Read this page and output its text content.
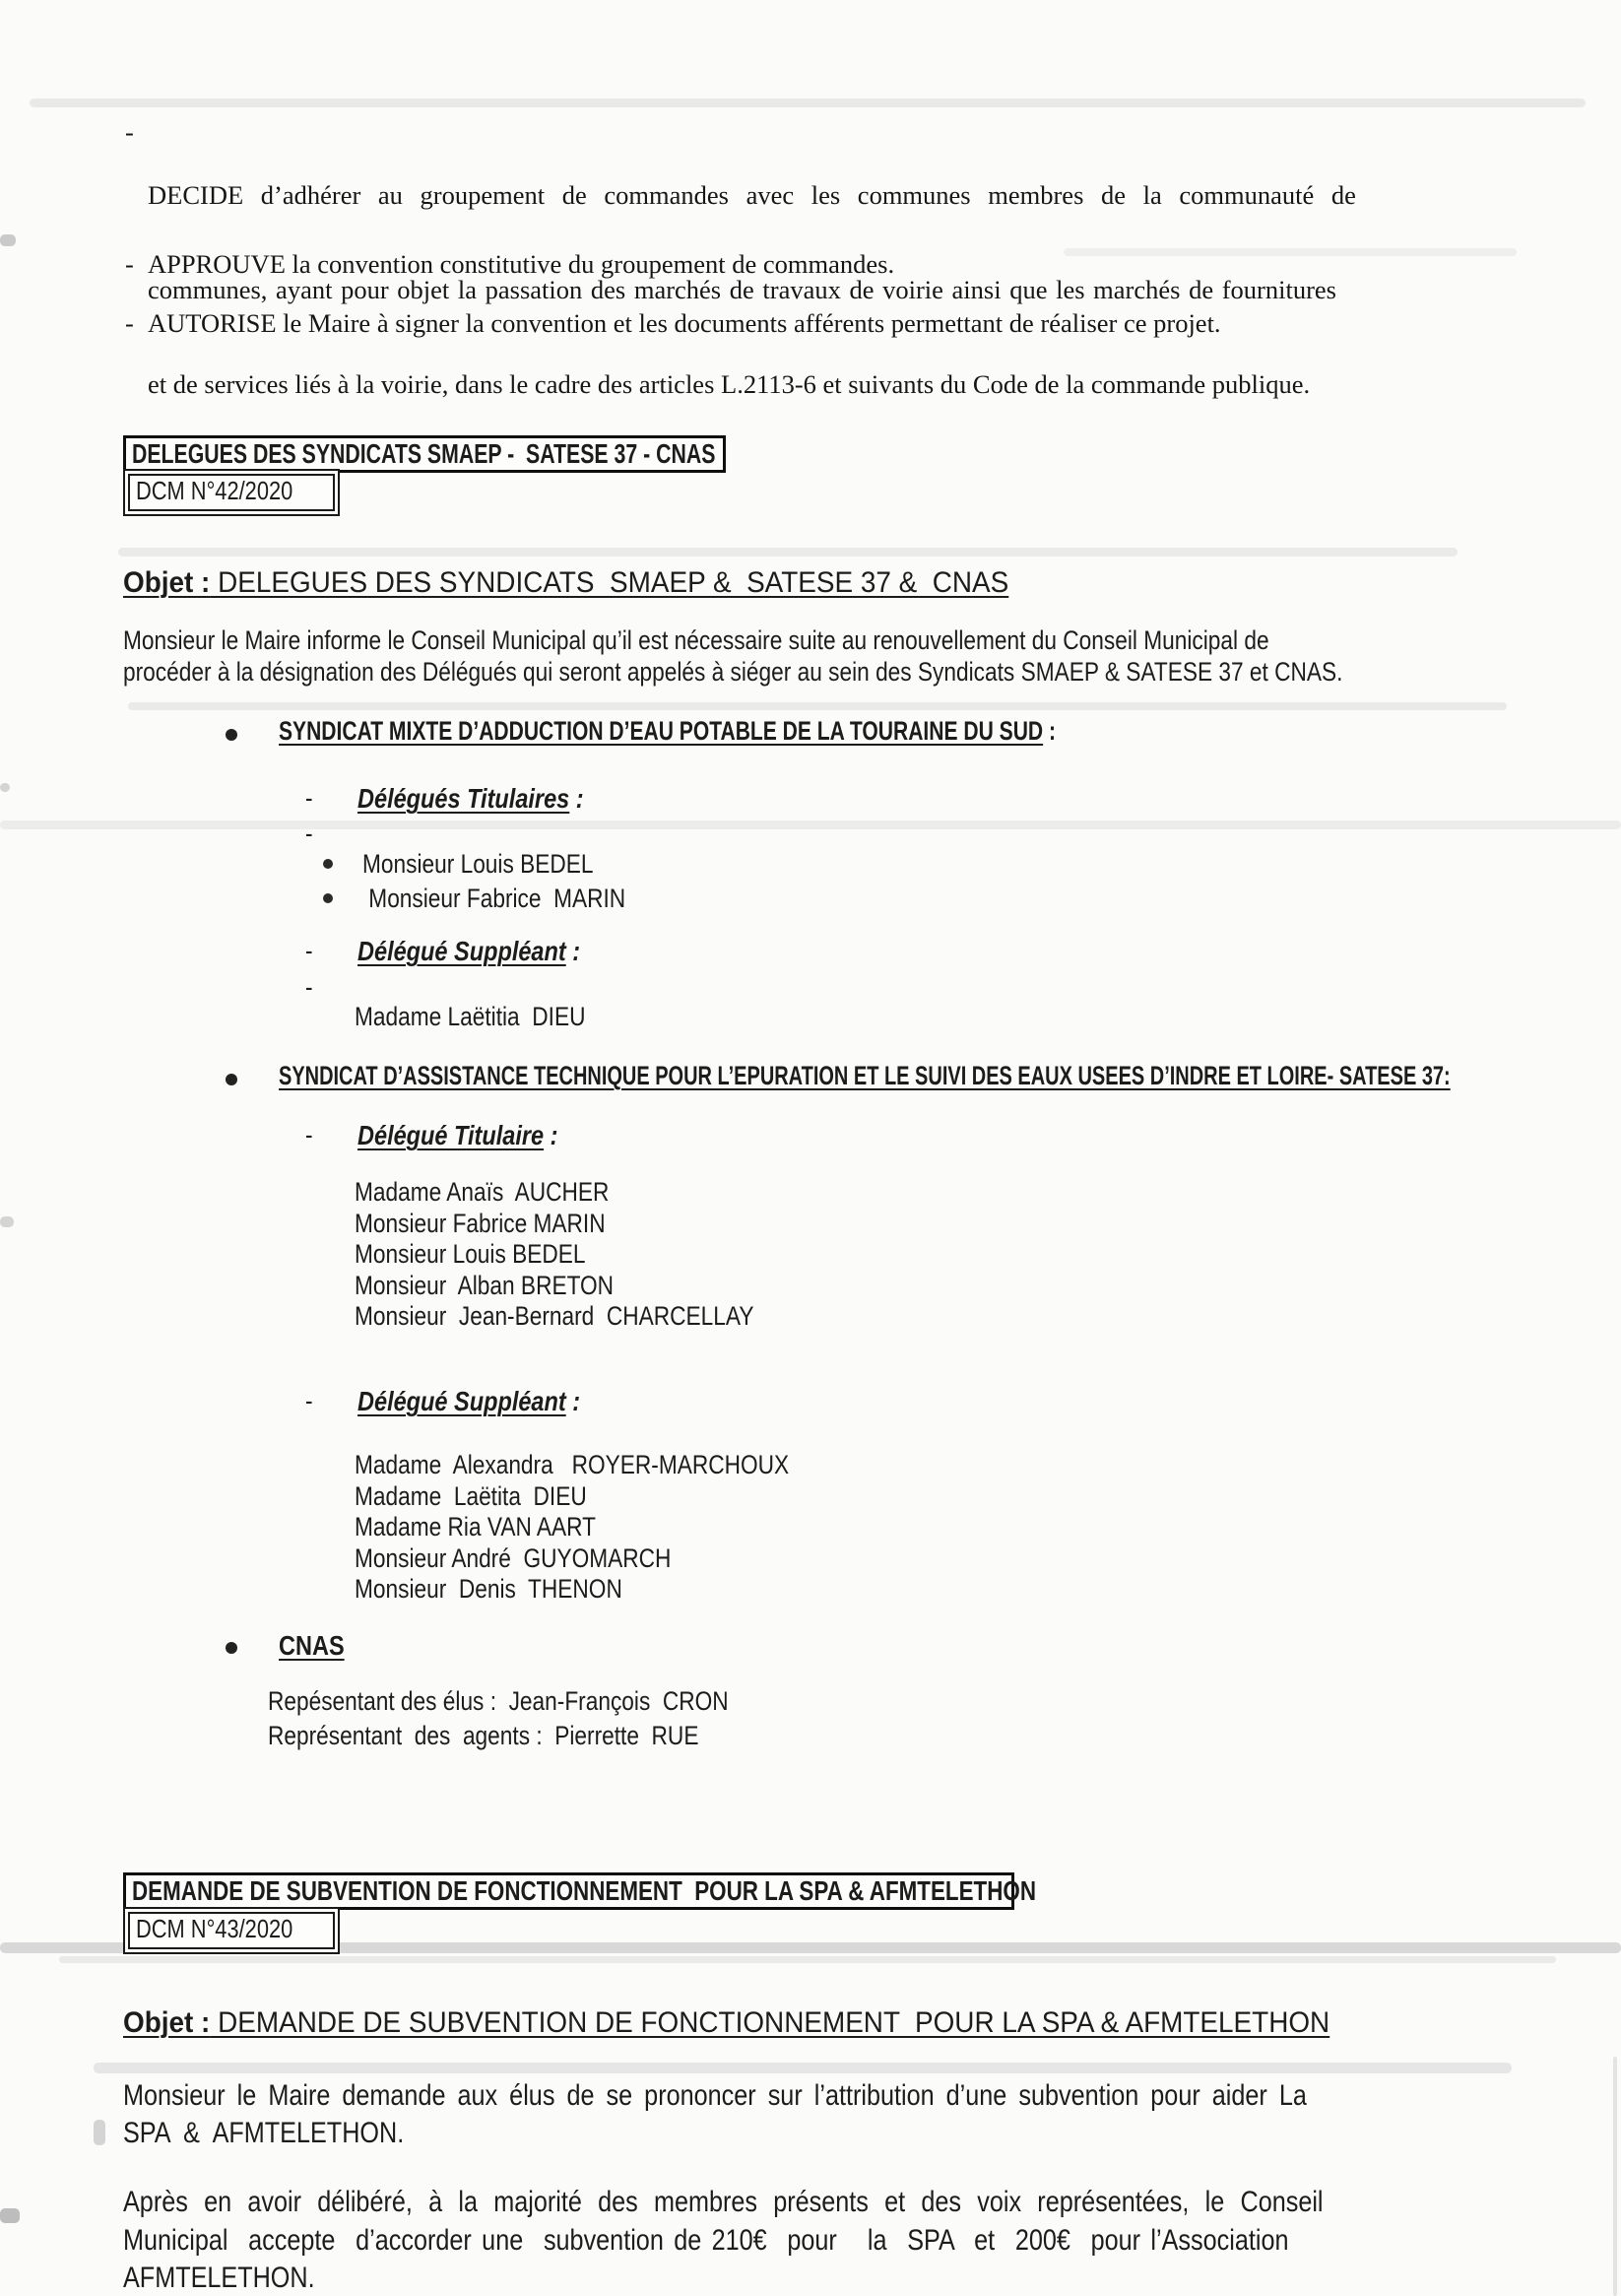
-

DECIDE d’adhérer au groupement de commandes avec les communes membres de la communauté de

communes, ayant pour objet la passation des marchés de travaux de voirie ainsi que les marchés de fournitures

et de services liés à la voirie, dans le cadre des articles L.2113-6 et suivants du Code de la commande publique.

- APPROUVE la convention constitutive du groupement de commandes.
- AUTORISE le Maire à signer la convention et les documents afférents permettant de réaliser ce projet.
DELEGUES DES SYNDICATS SMAEP -  SATESE 37 - CNAS
DCM N°42/2020
Objet : DELEGUES DES SYNDICATS  SMAEP &  SATESE 37 &  CNAS
Monsieur le Maire informe le Conseil Municipal qu’il est nécessaire suite au renouvellement du Conseil Municipal de
procéder à la désignation des Délégués qui seront appelés à siéger au sein des Syndicats SMAEP & SATESE 37 et CNAS.
SYNDICAT MIXTE D’ADDUCTION D’EAU POTABLE DE LA TOURAINE DU SUD :
- Délégués Titulaires :
-
Monsieur Louis BEDEL
Monsieur Fabrice  MARIN
- Délégué Suppléant :
-
Madame Laëtitia  DIEU
SYNDICAT D’ASSISTANCE TECHNIQUE POUR L’EPURATION ET LE SUIVI DES EAUX USEES D’INDRE ET LOIRE- SATESE 37:
- Délégué Titulaire :
Madame Anaïs  AUCHER
Monsieur Fabrice MARIN
Monsieur Louis BEDEL
Monsieur  Alban BRETON
Monsieur  Jean-Bernard  CHARCELLAY
- Délégué Suppléant :
Madame  Alexandra   ROYER-MARCHOUX
Madame  Laëtita  DIEU
Madame Ria VAN AART
Monsieur André  GUYOMARCH
Monsieur  Denis  THENON
CNAS
Repésentant des élus :  Jean-François  CRON
Représentant  des  agents :  Pierrette  RUE
DEMANDE DE SUBVENTION DE FONCTIONNEMENT  POUR LA SPA & AFMTELETHON
DCM N°43/2020
Objet : DEMANDE DE SUBVENTION DE FONCTIONNEMENT  POUR LA SPA & AFMTELETHON
Monsieur le Maire demande aux élus de se prononcer sur l’attribution d’une subvention pour aider La
SPA  &  AFMTELETHON.
Après en avoir délibéré, à la majorité des membres présents et des voix représentées, le Conseil
Municipal  accepte  d’accorder une  subvention de 210€  pour   la  SPA  et  200€  pour l’Association
AFMTELETHON.
